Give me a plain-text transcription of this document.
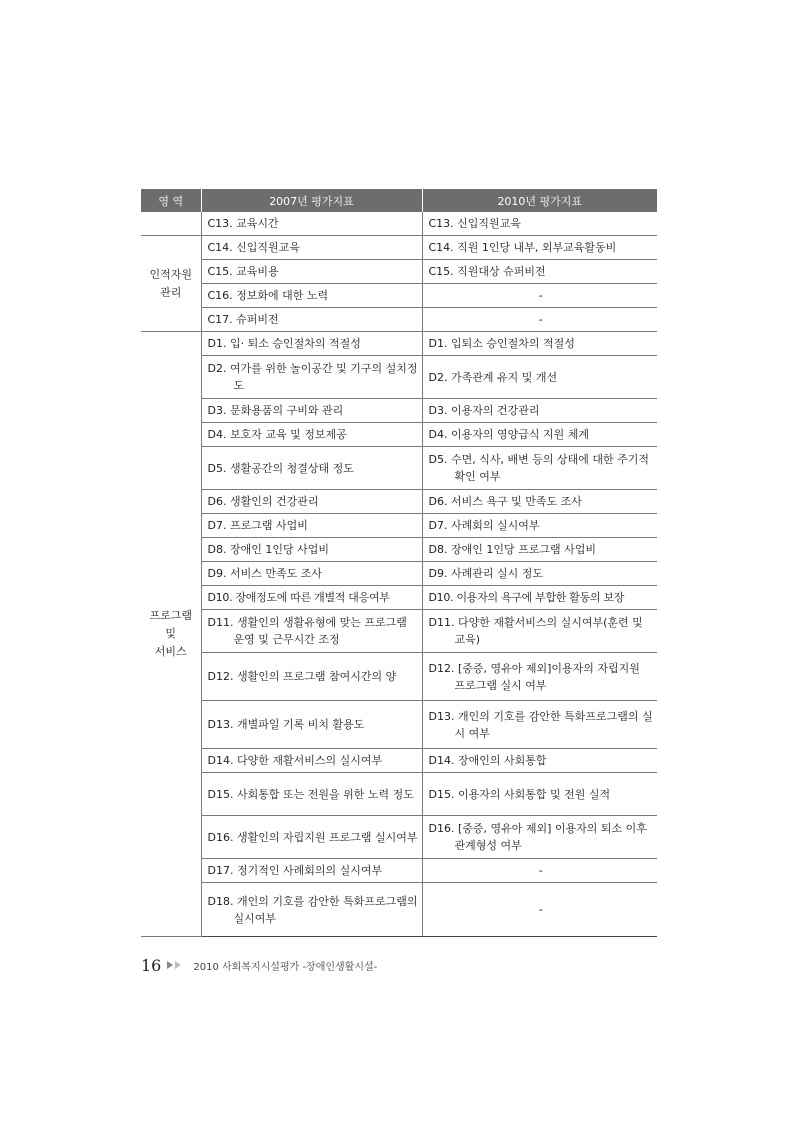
영 역	2007년 평가지표	2010년 평가지표

	C13. 교육시간	C13. 신입직원교육

인적자원
관리	C14. 신입직원교육	C14. 직원 1인당 내부, 외부교육활동비

	C15. 교육비용	C15. 직원대상 슈퍼비전

	C16. 정보화에 대한 노력	-

	C17. 슈퍼비전	-

프로그램
및
서비스	D1. 입· 퇴소 승인절차의 적절성	D1. 입퇴소 승인절차의 적절성

	D2. 여가를 위한 놀이공간 및 기구의 설치정도	D2. 가족관계 유지 및 개선

	D3. 문화용품의 구비와 관리	D3. 이용자의 건강관리

	D4. 보호자 교육 및 정보제공	D4. 이용자의 영양급식 지원 체계

	D5. 생활공간의 청결상태 정도	D5. 수면, 식사, 배변 등의 상태에 대한 주기적 확인 여부

	D6. 생활인의 건강관리	D6. 서비스 욕구 및 만족도 조사

	D7. 프로그램 사업비	D7. 사례회의 실시여부

	D8. 장애인 1인당 사업비	D8. 장애인 1인당 프로그램 사업비

	D9. 서비스 만족도 조사	D9. 사례관리 실시 정도

	D10. 장애정도에 따른 개별적 대응여부	D10. 이용자의 욕구에 부합한 활동의 보장

	D11. 생활인의 생활유형에 맞는 프로그램 운영 및 근무시간 조정	D11. 다양한 재활서비스의 실시여부(훈련 및 교육)

	D12. 생활인의 프로그램 참여시간의 양	D12. [중증, 영유아 제외]이용자의 자립지원 프로그램 실시 여부

	D13. 개별파일 기록 비치 활용도	D13. 개인의 기호를 감안한 특화프로그램의 실시 여부

	D14. 다양한 재활서비스의 실시여부	D14. 장애인의 사회통합

	D15. 사회통합 또는 전원을 위한 노력 정도	D15. 이용자의 사회통합 및 전원 실적

	D16. 생활인의 자립지원 프로그램 실시여부	D16. [중증, 영유아 제외] 이용자의 퇴소 이후 관계형성 여부

	D17. 정기적인 사례회의의 실시여부	-

	D18. 개인의 기호를 감안한 특화프로그램의 실시여부	-
16	2010 사회복지시설평가 -장애인생활시설-
